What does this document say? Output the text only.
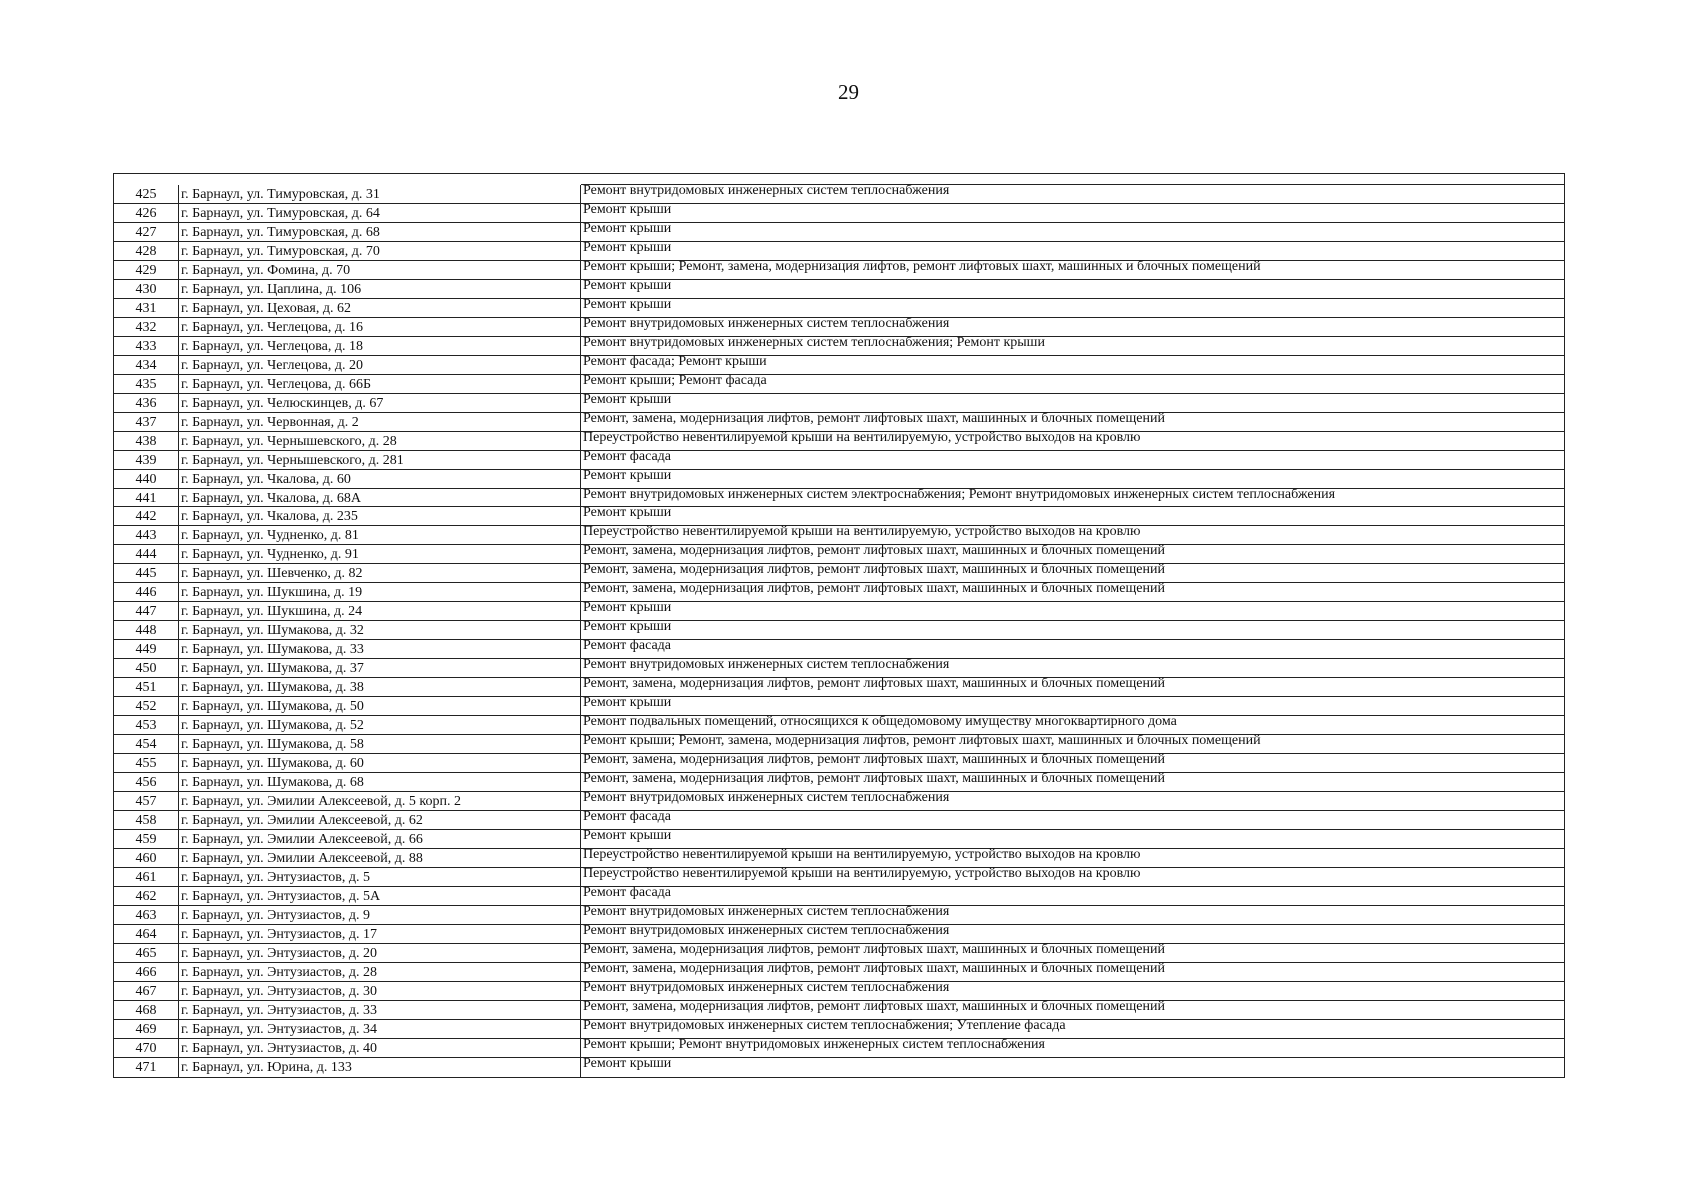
29
425	г. Барнаул, ул. Тимуровская, д. 31	Ремонт внутридомовых инженерных систем теплоснабжения
426	г. Барнаул, ул. Тимуровская, д. 64	Ремонт крыши
427	г. Барнаул, ул. Тимуровская, д. 68	Ремонт крыши
428	г. Барнаул, ул. Тимуровская, д. 70	Ремонт крыши
429	г. Барнаул, ул. Фомина, д. 70	Ремонт крыши; Ремонт, замена, модернизация лифтов, ремонт лифтовых шахт, машинных и блочных помещений
430	г. Барнаул, ул. Цаплина, д. 106	Ремонт крыши
431	г. Барнаул, ул. Цеховая, д. 62	Ремонт крыши
432	г. Барнаул, ул. Чеглецова, д. 16	Ремонт внутридомовых инженерных систем теплоснабжения
433	г. Барнаул, ул. Чеглецова, д. 18	Ремонт внутридомовых инженерных систем теплоснабжения; Ремонт крыши
434	г. Барнаул, ул. Чеглецова, д. 20	Ремонт фасада; Ремонт крыши
435	г. Барнаул, ул. Чеглецова, д. 66Б	Ремонт крыши; Ремонт фасада
436	г. Барнаул, ул. Челюскинцев, д. 67	Ремонт крыши
437	г. Барнаул, ул. Червонная, д. 2	Ремонт, замена, модернизация лифтов, ремонт лифтовых шахт, машинных и блочных помещений
438	г. Барнаул, ул. Чернышевского, д. 28	Переустройство невентилируемой крыши на вентилируемую, устройство выходов на кровлю
439	г. Барнаул, ул. Чернышевского, д. 281	Ремонт фасада
440	г. Барнаул, ул. Чкалова, д. 60	Ремонт крыши
441	г. Барнаул, ул. Чкалова, д. 68А	Ремонт внутридомовых инженерных систем электроснабжения; Ремонт внутридомовых инженерных систем теплоснабжения
442	г. Барнаул, ул. Чкалова, д. 235	Ремонт крыши
443	г. Барнаул, ул. Чудненко, д. 81	Переустройство невентилируемой крыши на вентилируемую, устройство выходов на кровлю
444	г. Барнаул, ул. Чудненко, д. 91	Ремонт, замена, модернизация лифтов, ремонт лифтовых шахт, машинных и блочных помещений
445	г. Барнаул, ул. Шевченко, д. 82	Ремонт, замена, модернизация лифтов, ремонт лифтовых шахт, машинных и блочных помещений
446	г. Барнаул, ул. Шукшина, д. 19	Ремонт, замена, модернизация лифтов, ремонт лифтовых шахт, машинных и блочных помещений
447	г. Барнаул, ул. Шукшина, д. 24	Ремонт крыши
448	г. Барнаул, ул. Шумакова, д. 32	Ремонт крыши
449	г. Барнаул, ул. Шумакова, д. 33	Ремонт фасада
450	г. Барнаул, ул. Шумакова, д. 37	Ремонт внутридомовых инженерных систем теплоснабжения
451	г. Барнаул, ул. Шумакова, д. 38	Ремонт, замена, модернизация лифтов, ремонт лифтовых шахт, машинных и блочных помещений
452	г. Барнаул, ул. Шумакова, д. 50	Ремонт крыши
453	г. Барнаул, ул. Шумакова, д. 52	Ремонт подвальных помещений, относящихся к общедомовому имуществу многоквартирного дома
454	г. Барнаул, ул. Шумакова, д. 58	Ремонт крыши; Ремонт, замена, модернизация лифтов, ремонт лифтовых шахт, машинных и блочных помещений
455	г. Барнаул, ул. Шумакова, д. 60	Ремонт, замена, модернизация лифтов, ремонт лифтовых шахт, машинных и блочных помещений
456	г. Барнаул, ул. Шумакова, д. 68	Ремонт, замена, модернизация лифтов, ремонт лифтовых шахт, машинных и блочных помещений
457	г. Барнаул, ул. Эмилии Алексеевой, д. 5 корп. 2	Ремонт внутридомовых инженерных систем теплоснабжения
458	г. Барнаул, ул. Эмилии Алексеевой, д. 62	Ремонт фасада
459	г. Барнаул, ул. Эмилии Алексеевой, д. 66	Ремонт крыши
460	г. Барнаул, ул. Эмилии Алексеевой, д. 88	Переустройство невентилируемой крыши на вентилируемую, устройство выходов на кровлю
461	г. Барнаул, ул. Энтузиастов, д. 5	Переустройство невентилируемой крыши на вентилируемую, устройство выходов на кровлю
462	г. Барнаул, ул. Энтузиастов, д. 5А	Ремонт фасада
463	г. Барнаул, ул. Энтузиастов, д. 9	Ремонт внутридомовых инженерных систем теплоснабжения
464	г. Барнаул, ул. Энтузиастов, д. 17	Ремонт внутридомовых инженерных систем теплоснабжения
465	г. Барнаул, ул. Энтузиастов, д. 20	Ремонт, замена, модернизация лифтов, ремонт лифтовых шахт, машинных и блочных помещений
466	г. Барнаул, ул. Энтузиастов, д. 28	Ремонт, замена, модернизация лифтов, ремонт лифтовых шахт, машинных и блочных помещений
467	г. Барнаул, ул. Энтузиастов, д. 30	Ремонт внутридомовых инженерных систем теплоснабжения
468	г. Барнаул, ул. Энтузиастов, д. 33	Ремонт, замена, модернизация лифтов, ремонт лифтовых шахт, машинных и блочных помещений
469	г. Барнаул, ул. Энтузиастов, д. 34	Ремонт внутридомовых инженерных систем теплоснабжения; Утепление фасада
470	г. Барнаул, ул. Энтузиастов, д. 40	Ремонт крыши; Ремонт внутридомовых инженерных систем теплоснабжения
471	г. Барнаул, ул. Юрина, д. 133	Ремонт крыши
